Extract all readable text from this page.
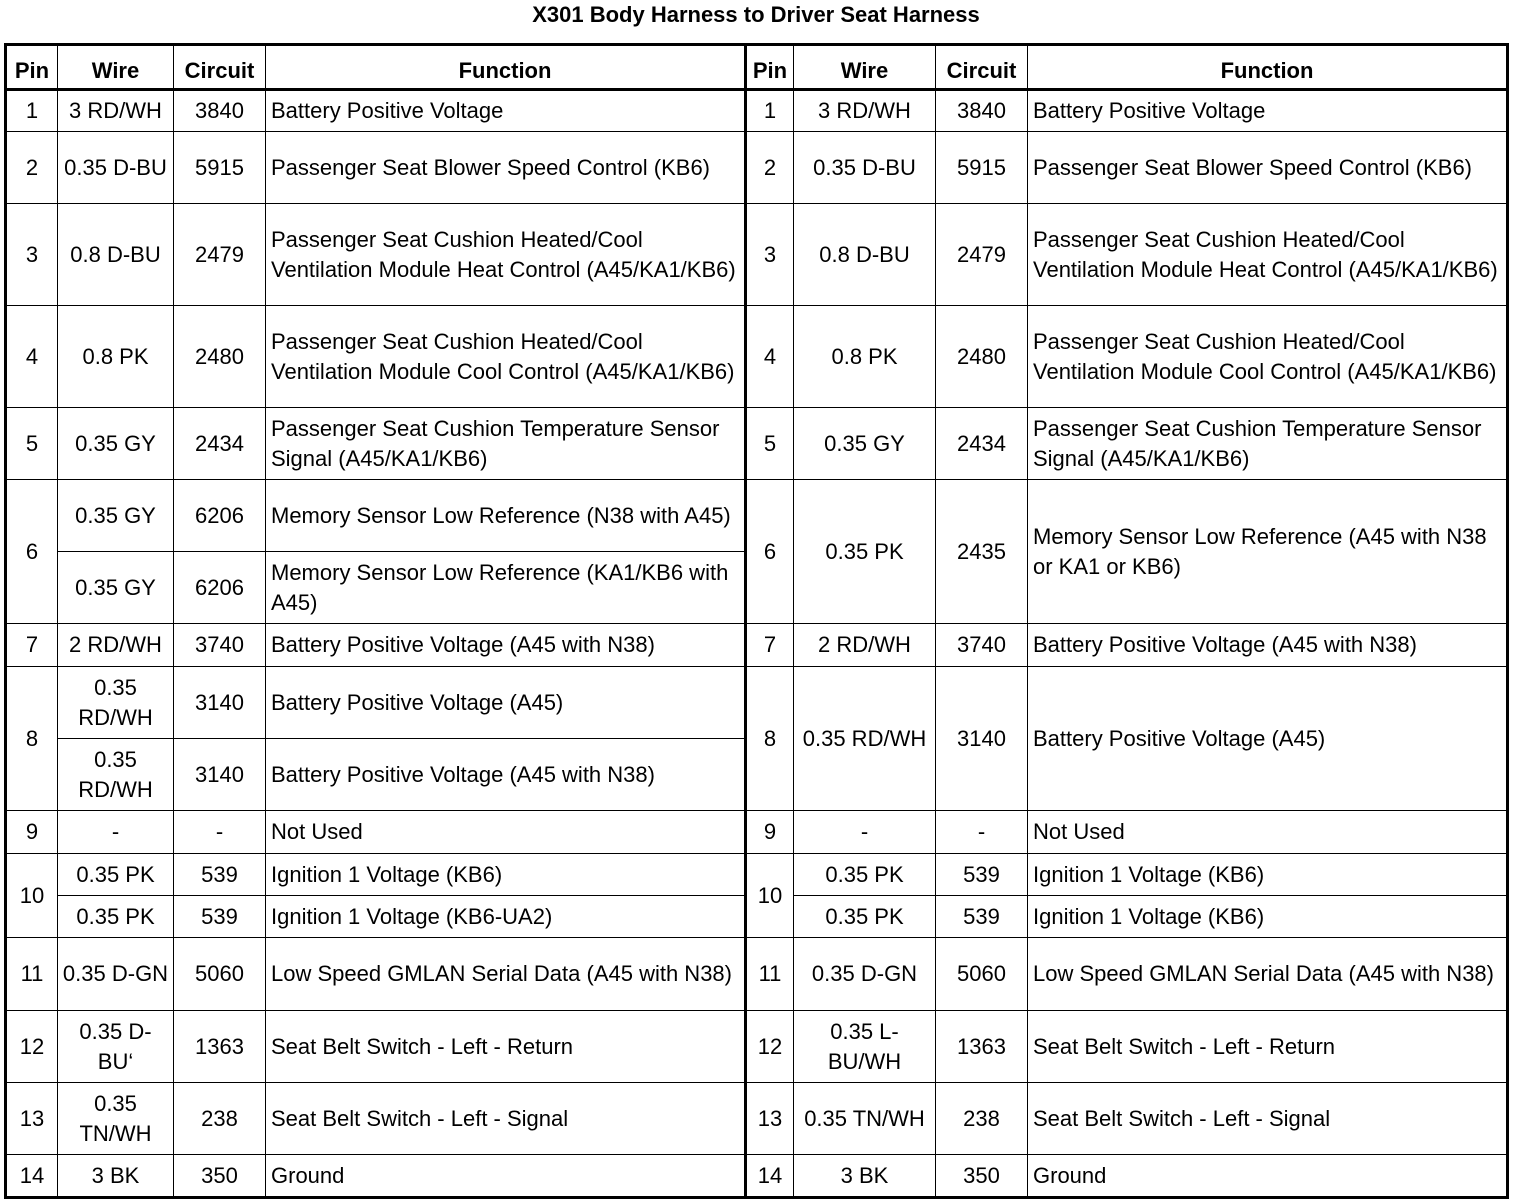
X301 Body Harness to Driver Seat Harness
Pin	Wire	Circuit	Function	Pin	Wire	Circuit	Function
1	3 RD/WH	3840	Battery Positive Voltage	1	3 RD/WH	3840	Battery Positive Voltage
2	0.35 D-BU	5915	Passenger Seat Blower Speed Control (KB6)	2	0.35 D-BU	5915	Passenger Seat Blower Speed Control (KB6)
3	0.8 D-BU	2479	Passenger Seat Cushion Heated/Cool Ventilation Module Heat Control (A45/KA1/KB6)	3	0.8 D-BU	2479	Passenger Seat Cushion Heated/Cool Ventilation Module Heat Control (A45/KA1/KB6)
4	0.8 PK	2480	Passenger Seat Cushion Heated/Cool Ventilation Module Cool Control (A45/KA1/KB6)	4	0.8 PK	2480	Passenger Seat Cushion Heated/Cool Ventilation Module Cool Control (A45/KA1/KB6)
5	0.35 GY	2434	Passenger Seat Cushion Temperature Sensor Signal (A45/KA1/KB6)	5	0.35 GY	2434	Passenger Seat Cushion Temperature Sensor Signal (A45/KA1/KB6)
6	0.35 GY	6206	Memory Sensor Low Reference (N38 with A45)	6	0.35 PK	2435	Memory Sensor Low Reference (A45 with N38 or KA1 or KB6)
	0.35 GY	6206	Memory Sensor Low Reference (KA1/KB6 with A45)				
7	2 RD/WH	3740	Battery Positive Voltage (A45 with N38)	7	2 RD/WH	3740	Battery Positive Voltage (A45 with N38)
8	0.35 RD/WH	3140	Battery Positive Voltage (A45)	8	0.35 RD/WH	3140	Battery Positive Voltage (A45)
	0.35 RD/WH	3140	Battery Positive Voltage (A45 with N38)				
9	-	-	Not Used	9	-	-	Not Used
10	0.35 PK	539	Ignition 1 Voltage (KB6)	10	0.35 PK	539	Ignition 1 Voltage (KB6)
	0.35 PK	539	Ignition 1 Voltage (KB6-UA2)		0.35 PK	539	Ignition 1 Voltage (KB6)
11	0.35 D-GN	5060	Low Speed GMLAN Serial Data (A45 with N38)	11	0.35 D-GN	5060	Low Speed GMLAN Serial Data (A45 with N38)
12	0.35 D-BU‘	1363	Seat Belt Switch - Left - Return	12	0.35 L-BU/WH	1363	Seat Belt Switch - Left - Return
13	0.35 TN/WH	238	Seat Belt Switch - Left - Signal	13	0.35 TN/WH	238	Seat Belt Switch - Left - Signal
14	3 BK	350	Ground	14	3 BK	350	Ground
